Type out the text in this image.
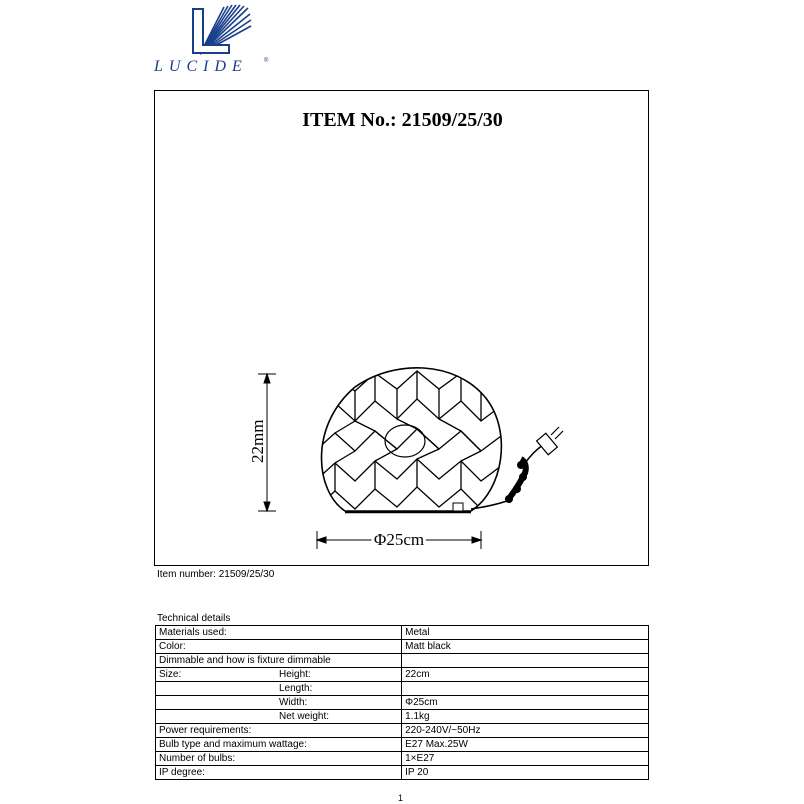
LUCIDE	®
ITEM No.: 21509/25/30
22mm
Φ25cm
Item number: 21509/25/30
Technical details
Materials used:	Metal
Color:	Matt black
Dimmable and how is fixture dimmable	

Size: Height:	22cm

Length:	

Width:	Φ25cm

Net weight:	1.1kg
Power requirements:	220-240V/~50Hz
Bulb type and maximum wattage:	E27 Max.25W
Number of bulbs:	1×E27
IP degree:	IP 20
1
